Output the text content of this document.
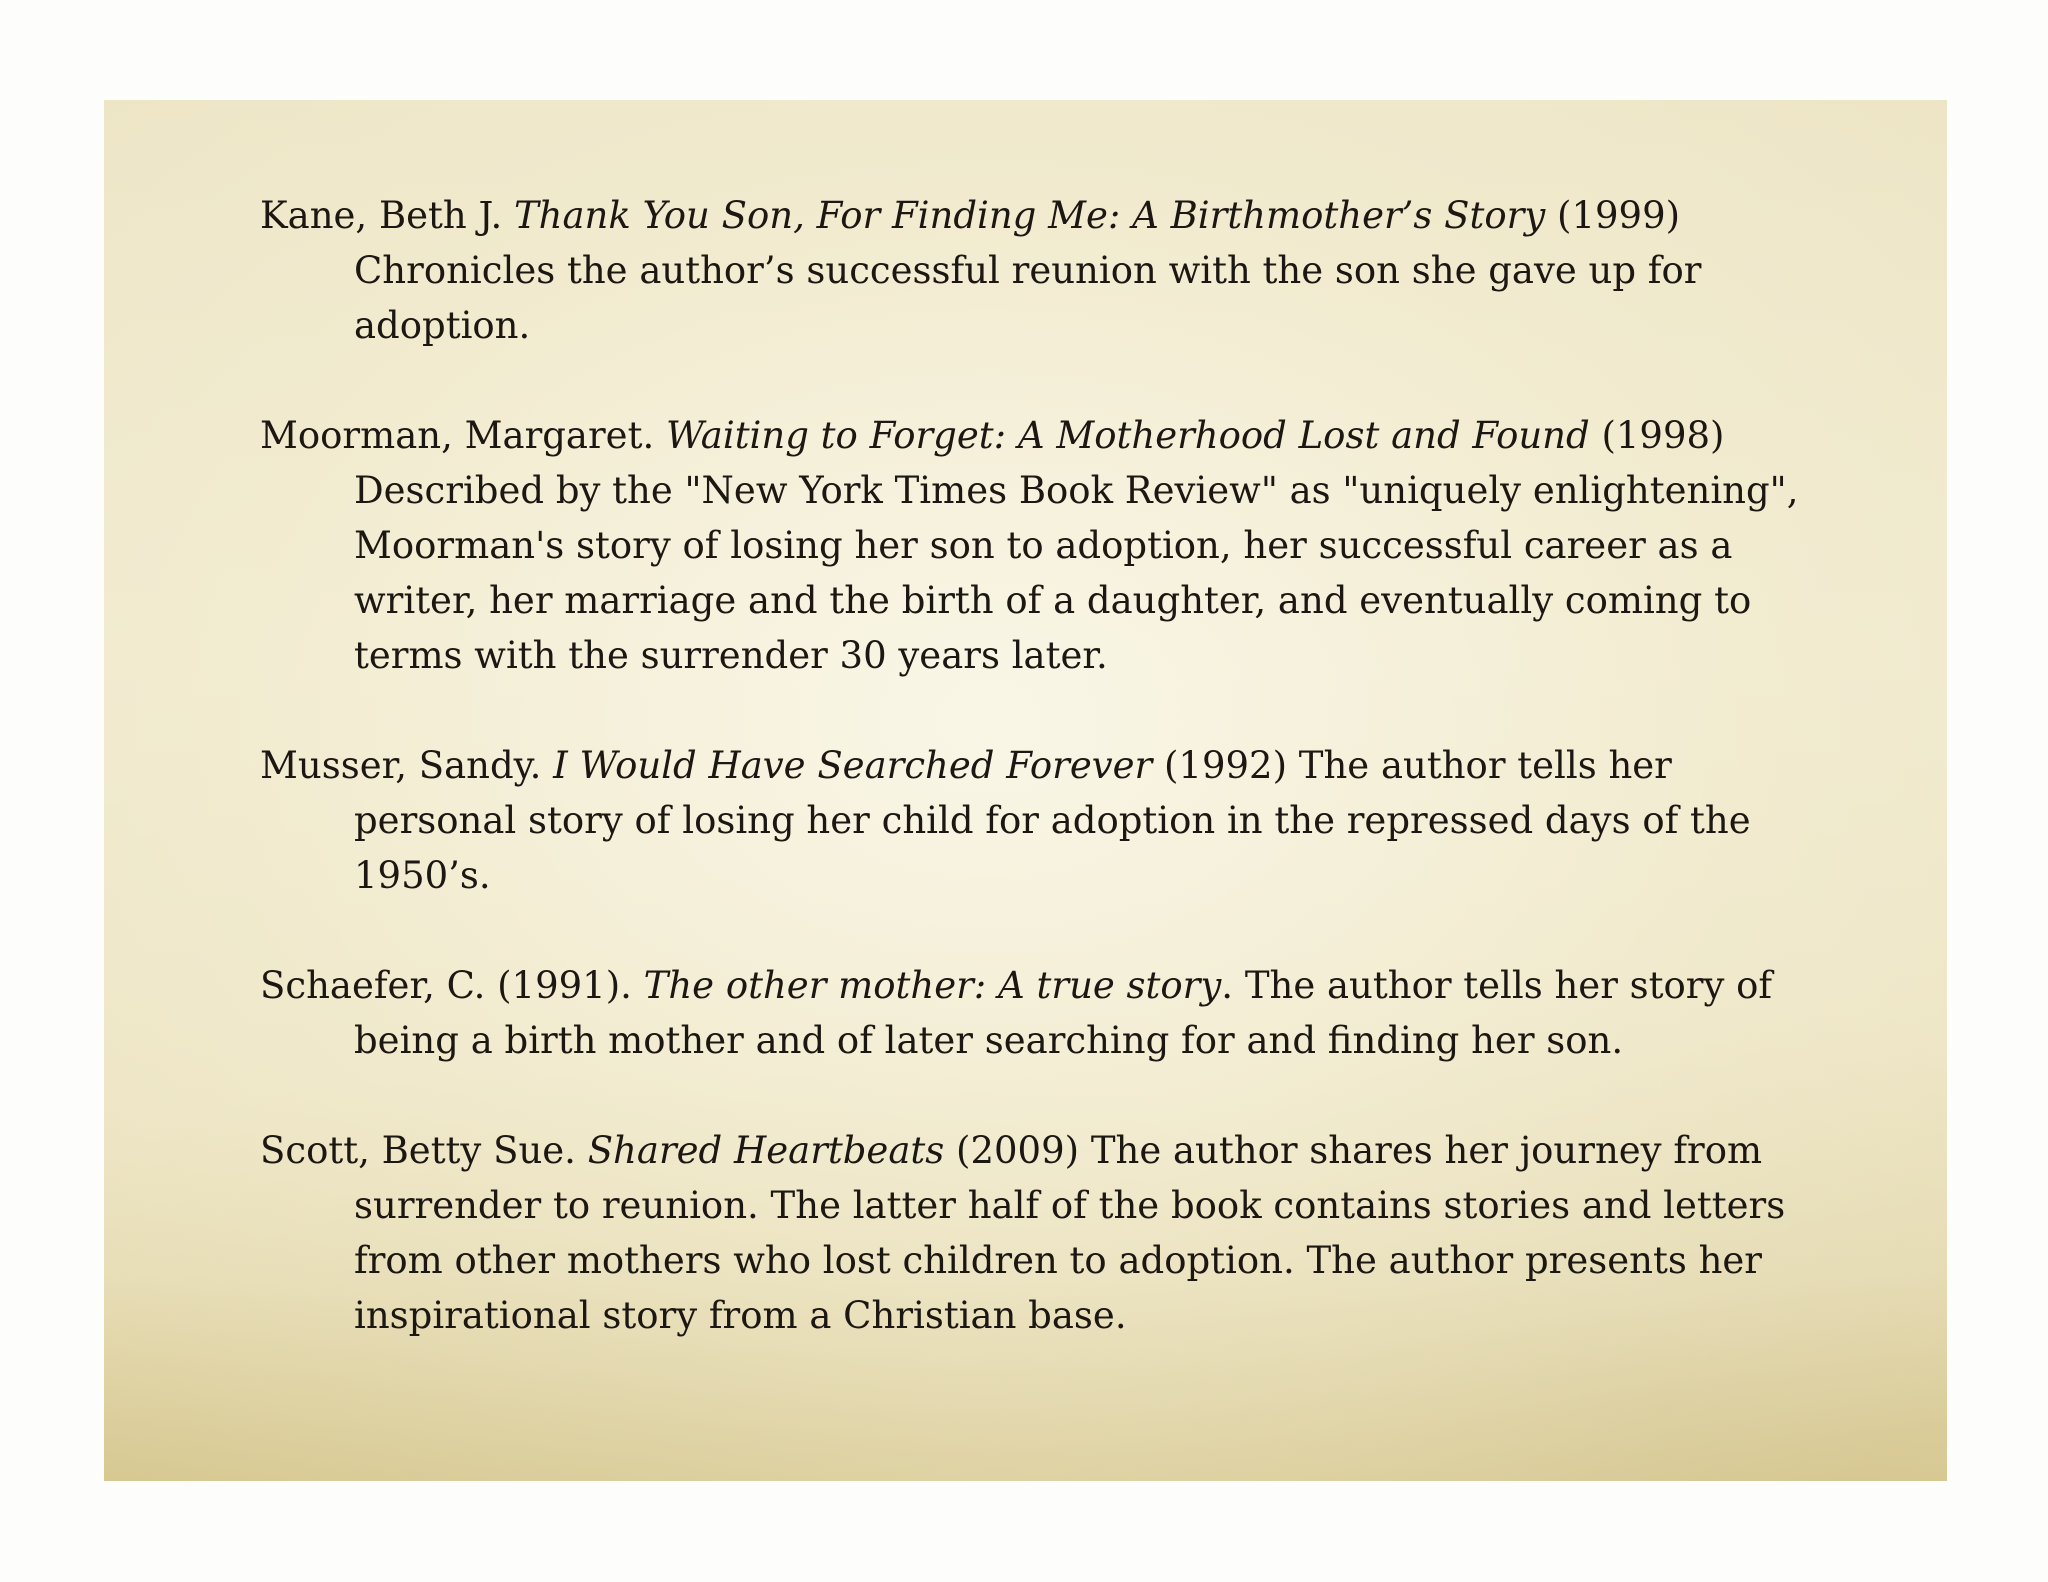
Kane, Beth J. Thank You Son, For Finding Me: A Birthmother’s Story (1999)
Chronicles the author’s successful reunion with the son she gave up for adoption.

Moorman, Margaret. Waiting to Forget: A Motherhood Lost and Found (1998)
Described by the "New York Times Book Review" as "uniquely enlightening", Moorman's story of losing her son to adoption, her successful career as a writer, her marriage and the birth of a daughter, and eventually coming to terms with the surrender 30 years later.

Musser, Sandy. I Would Have Searched Forever (1992) The author tells her personal story of losing her child for adoption in the repressed days of the 1950’s.

Schaefer, C. (1991). The other mother: A true story. The author tells her story of being a birth mother and of later searching for and finding her son.

Scott, Betty Sue. Shared Heartbeats (2009) The author shares her journey from surrender to reunion. The latter half of the book contains stories and letters from other mothers who lost children to adoption. The author presents her inspirational story from a Christian base.
